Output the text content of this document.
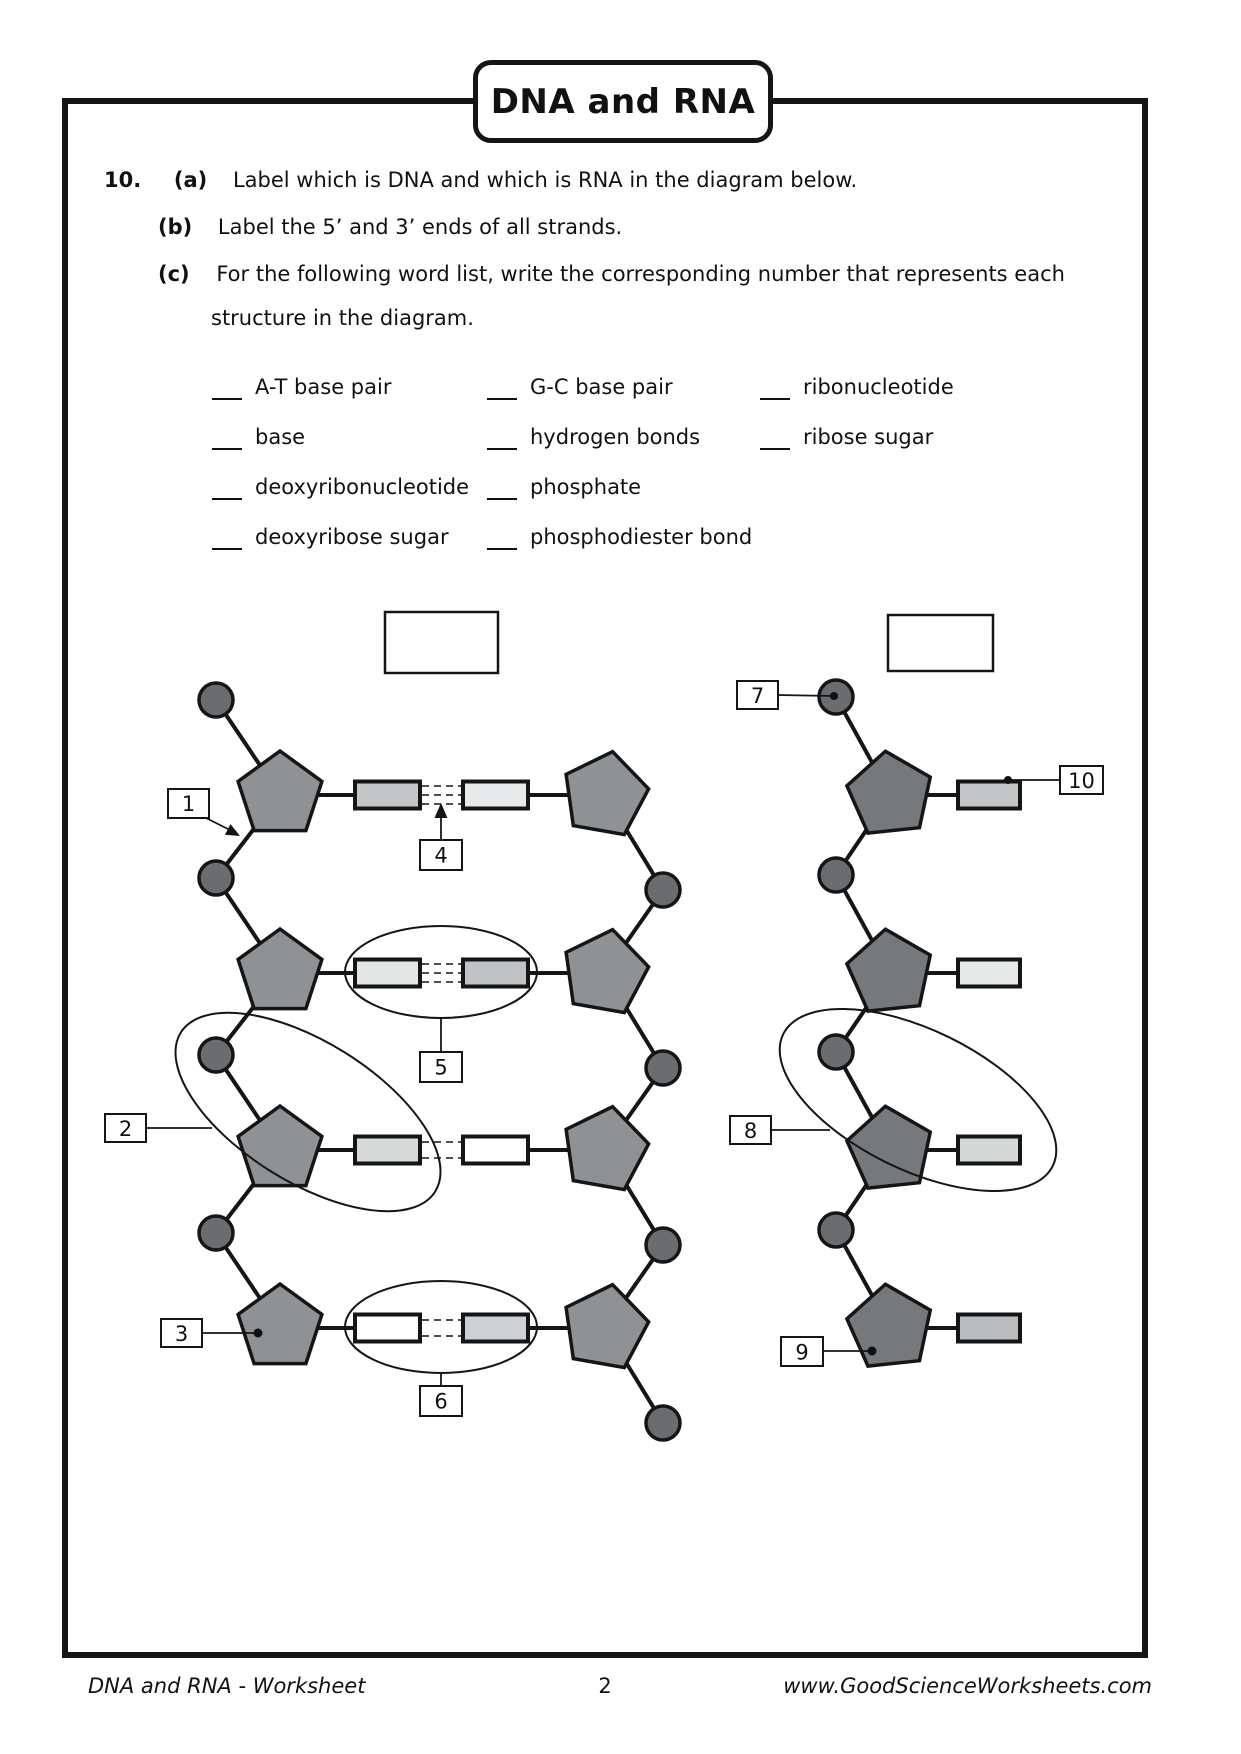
DNA and RNA
10. (a) Label which is DNA and which is RNA in the diagram below.
(b) Label the 5’ and 3’ ends of all strands.
(c) For the following word list, write the corresponding number that represents each
structure in the diagram.
A-T base pair
base
deoxyribonucleotide
deoxyribose sugar
G-C base pair
hydrogen bonds
phosphate
phosphodiester bond
ribonucleotide
ribose sugar
1
2
3
4
5
6
7
8
9
10
2
DNA and RNA - Worksheet	www.GoodScienceWorksheets.com
